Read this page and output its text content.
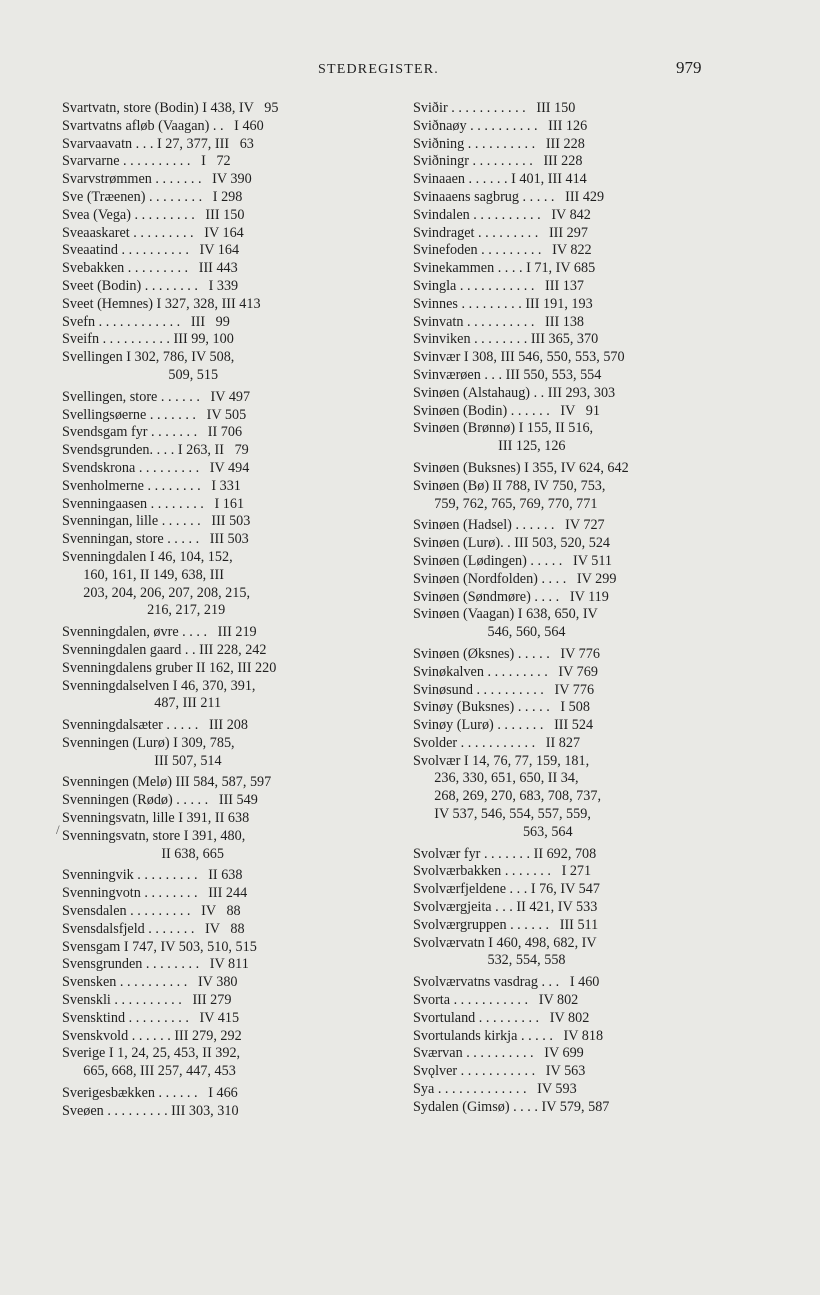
STEDREGISTER.	979
/
Svartvatn, store (Bodin) I 438, IV   95
Svartvatns afløb (Vaagan) . .   I 460
Svarvaavatn . . . I 27, 377, III   63
Svarvarne . . . . . . . . . .   I   72
Svarvstrømmen . . . . . . .   IV 390
Sve (Træenen) . . . . . . . .   I 298
Svea (Vega) . . . . . . . . .   III 150
Sveaaskaret . . . . . . . . .   IV 164
Sveaatind . . . . . . . . . .   IV 164
Svebakken . . . . . . . . .   III 443
Sveet (Bodin) . . . . . . . .   I 339
Sveet (Hemnes) I 327, 328, III 413
Svefn . . . . . . . . . . . .   III   99
Sveifn . . . . . . . . . . III 99, 100
Svellingen I 302, 786, IV 508,
509, 515
Svellingen, store . . . . . .   IV 497
Svellingsøerne . . . . . . .   IV 505
Svendsgam fyr . . . . . . .   II 706
Svendsgrunden. . . . I 263, II   79
Svendskrona . . . . . . . . .   IV 494
Svenholmerne . . . . . . . .   I 331
Svenningaasen . . . . . . . .   I 161
Svenningan, lille . . . . . .   III 503
Svenningan, store . . . . .   III 503
Svenningdalen I 46, 104, 152,
160, 161, II 149, 638, III
203, 204, 206, 207, 208, 215,
216, 217, 219
Svenningdalen, øvre . . . .   III 219
Svenningdalen gaard . . III 228, 242
Svenningdalens gruber II 162, III 220
Svenningdalselven I 46, 370, 391,
487, III 211
Svenningdalsæter . . . . .   III 208
Svenningen (Lurø) I 309, 785,
III 507, 514
Svenningen (Melø) III 584, 587, 597
Svenningen (Rødø) . . . . .   III 549
Svenningsvatn, lille I 391, II 638
Svenningsvatn, store I 391, 480,
II 638, 665
Svenningvik . . . . . . . . .   II 638
Svenningvotn . . . . . . . .   III 244
Svensdalen . . . . . . . . .   IV   88
Svensdalsfjeld . . . . . . .   IV   88
Svensgam I 747, IV 503, 510, 515
Svensgrunden . . . . . . . .   IV 811
Svensken . . . . . . . . . .   IV 380
Svenskli . . . . . . . . . .   III 279
Svensktind . . . . . . . . .   IV 415
Svenskvold . . . . . . III 279, 292
Sverige I 1, 24, 25, 453, II 392,
665, 668, III 257, 447, 453
Sverigesbækken . . . . . .   I 466
Sveøen . . . . . . . . . III 303, 310
Sviðir . . . . . . . . . . .   III 150
Sviðnaøy . . . . . . . . . .   III 126
Sviðning . . . . . . . . . .   III 228
Sviðningr . . . . . . . . .   III 228
Svinaaen . . . . . . I 401, III 414
Svinaaens sagbrug . . . . .   III 429
Svindalen . . . . . . . . . .   IV 842
Svindraget . . . . . . . . .   III 297
Svinefoden . . . . . . . . .   IV 822
Svinekammen . . . . I 71, IV 685
Svingla . . . . . . . . . . .   III 137
Svinnes . . . . . . . . . III 191, 193
Svinvatn . . . . . . . . . .   III 138
Svinviken . . . . . . . . III 365, 370
Svinvær I 308, III 546, 550, 553, 570
Svinværøen . . . III 550, 553, 554
Svinøen (Alstahaug) . . III 293, 303
Svinøen (Bodin) . . . . . .   IV   91
Svinøen (Brønnø) I 155, II 516,
III 125, 126
Svinøen (Buksnes) I 355, IV 624, 642
Svinøen (Bø) II 788, IV 750, 753,
759, 762, 765, 769, 770, 771
Svinøen (Hadsel) . . . . . .   IV 727
Svinøen (Lurø). . III 503, 520, 524
Svinøen (Lødingen) . . . . .   IV 511
Svinøen (Nordfolden) . . . .   IV 299
Svinøen (Søndmøre) . . . .   IV 119
Svinøen (Vaagan) I 638, 650, IV
546, 560, 564
Svinøen (Øksnes) . . . . .   IV 776
Svinøkalven . . . . . . . . .   IV 769
Svinøsund . . . . . . . . . .   IV 776
Svinøy (Buksnes) . . . . .   I 508
Svinøy (Lurø) . . . . . . .   III 524
Svolder . . . . . . . . . . .   II 827
Svolvær I 14, 76, 77, 159, 181,
236, 330, 651, 650, II 34,
268, 269, 270, 683, 708, 737,
IV 537, 546, 554, 557, 559,
563, 564
Svolvær fyr . . . . . . . II 692, 708
Svolværbakken . . . . . . .   I 271
Svolværfjeldene . . . I 76, IV 547
Svolværgjeita . . . II 421, IV 533
Svolværgruppen . . . . . .   III 511
Svolværvatn I 460, 498, 682, IV
532, 554, 558
Svolværvatns vasdrag . . .   I 460
Svorta . . . . . . . . . . .   IV 802
Svortuland . . . . . . . . .   IV 802
Svortulands kirkja . . . . .   IV 818
Sværvan . . . . . . . . . .   IV 699
Svǫlver . . . . . . . . . . .   IV 563
Sya . . . . . . . . . . . . .   IV 593
Sydalen (Gimsø) . . . . IV 579, 587
